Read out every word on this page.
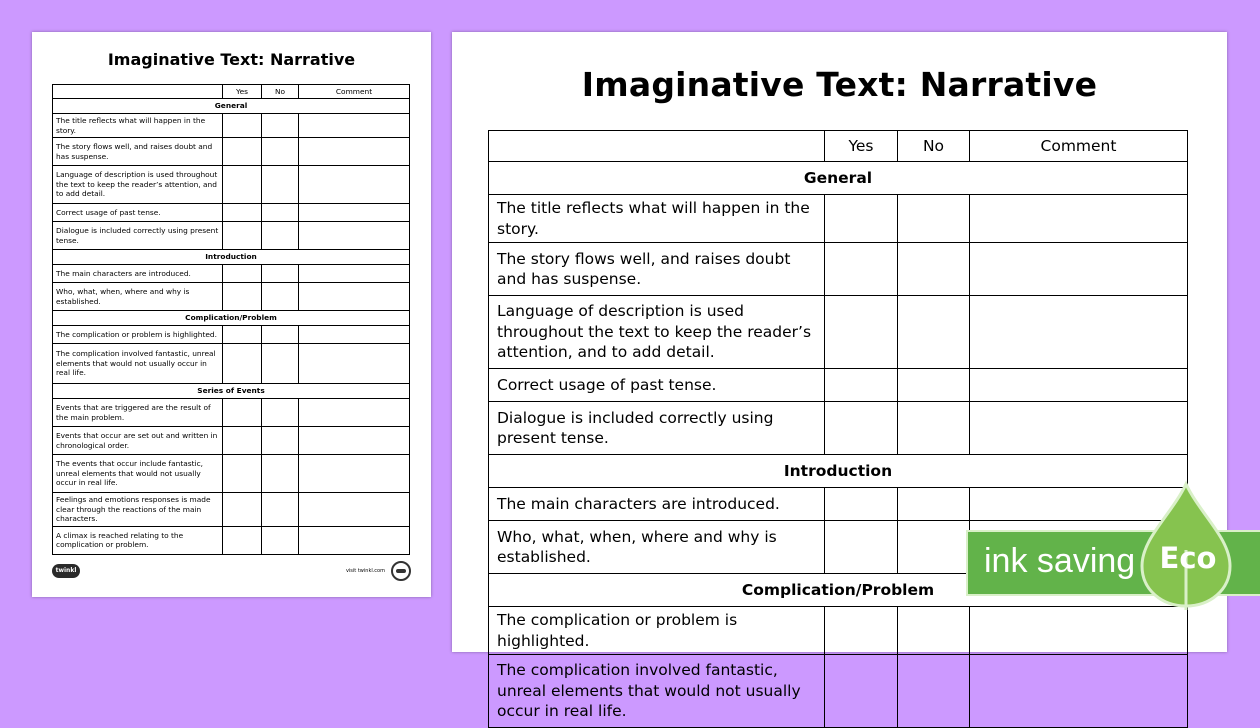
Imaginative Text: Narrative
	Yes	No	Comment
General			
The title reflects what will happen in the story.			
The story flows well, and raises doubt and has suspense.			
Language of description is used throughout the text to keep the reader’s attention, and to add detail.			
Correct usage of past tense.			
Dialogue is included correctly using present tense.			
Introduction			
The main characters are introduced.			
Who, what, when, where and why is established.			
Complication/Problem			
The complication or problem is highlighted.			
The complication involved fantastic, unreal elements that would not usually occur in real life.			
Series of Events			
Events that are triggered are the result of the main problem.			
Events that occur are set out and written in chronological order.			
The events that occur include fantastic, unreal elements that would not usually occur in real life.			
Feelings and emotions responses is made clear through the reactions of the main characters.			
A climax is reached relating to the complication or problem.			
twinkl	visit twinkl.com
Imaginative Text: Narrative
	Yes	No	Comment
General			
The title reflects what will happen in the story.			
The story flows well, and raises doubt and has suspense.			
Language of description is used throughout the text to keep the reader’s attention, and to add detail.			
Correct usage of past tense.			
Dialogue is included correctly using present tense.			
Introduction			
The main characters are introduced.			
Who, what, when, where and why is established.			
Complication/Problem			
The complication or problem is highlighted.			
The complication involved fantastic, unreal elements that would not usually occur in real life.			
ink saving Eco
